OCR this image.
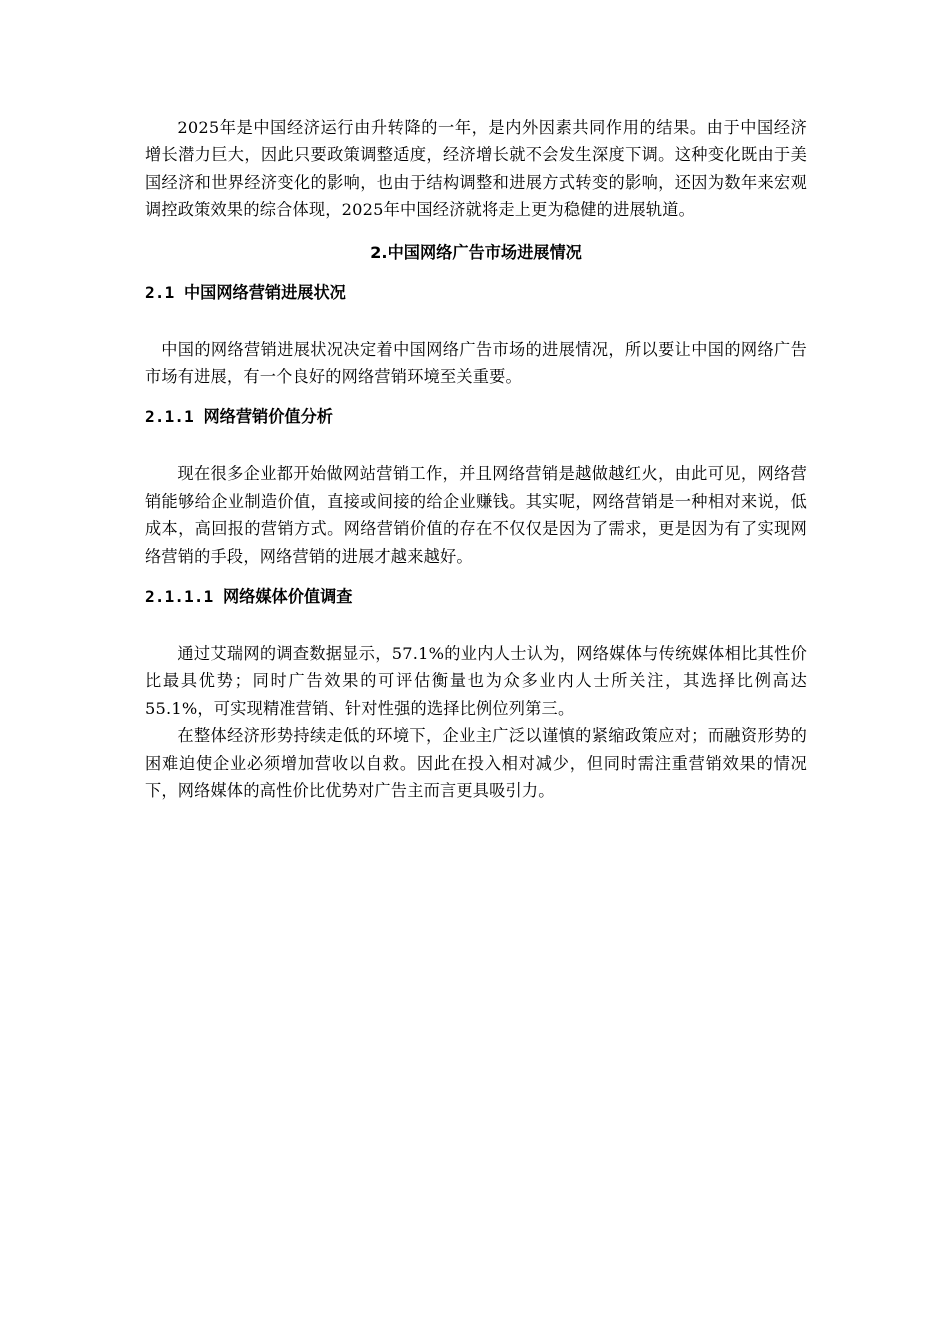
2025年是中国经济运行由升转降的一年，是内外因素共同作用的结果。由于中国经济增长潜力巨大，因此只要政策调整适度，经济增长就不会发生深度下调。这种变化既由于美国经济和世界经济变化的影响，也由于结构调整和进展方式转变的影响，还因为数年来宏观调控政策效果的综合体现，2025年中国经济就将走上更为稳健的进展轨道。

2.中国网络广告市场进展情况
2.1 中国网络营销进展状况

中国的网络营销进展状况决定着中国网络广告市场的进展情况，所以要让中国的网络广告市场有进展，有一个良好的网络营销环境至关重要。

2.1.1 网络营销价值分析

现在很多企业都开始做网站营销工作，并且网络营销是越做越红火，由此可见，网络营销能够给企业制造价值，直接或间接的给企业赚钱。其实呢，网络营销是一种相对来说，低成本，高回报的营销方式。网络营销价值的存在不仅仅是因为了需求，更是因为有了实现网络营销的手段，网络营销的进展才越来越好。

2.1.1.1 网络媒体价值调查

通过艾瑞网的调查数据显示，57.1%的业内人士认为，网络媒体与传统媒体相比其性价比最具优势；同时广告效果的可评估衡量也为众多业内人士所关注，其选择比例高达55.1%，可实现精准营销、针对性强的选择比例位列第三。

在整体经济形势持续走低的环境下，企业主广泛以谨慎的紧缩政策应对；而融资形势的困难迫使企业必须增加营收以自救。因此在投入相对减少，但同时需注重营销效果的情况下，网络媒体的高性价比优势对广告主而言更具吸引力。
